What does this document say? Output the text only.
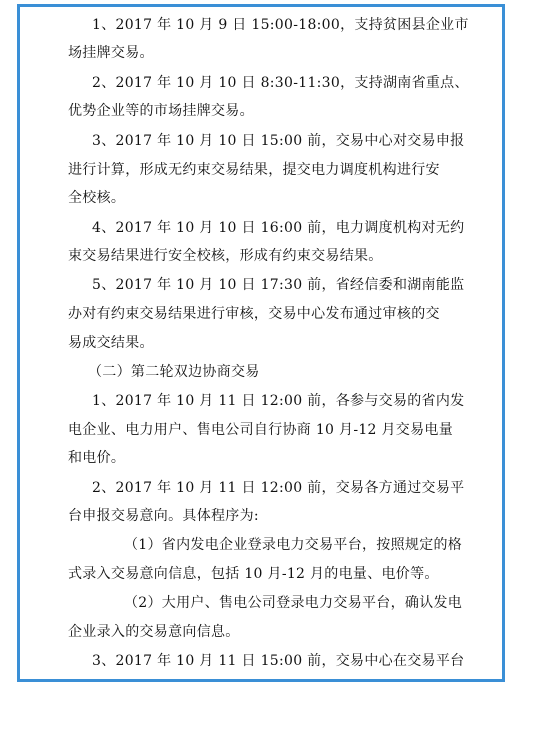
1、2017 年 10 月 9 日 15:00-18:00，支持贫困县企业市
场挂牌交易。
2、2017 年 10 月 10 日 8:30-11:30，支持湖南省重点、
优势企业等的市场挂牌交易。
3、2017 年 10 月 10 日 15:00 前，交易中心对交易申报
进行计算，形成无约束交易结果，提交电力调度机构进行安
全校核。
4、2017 年 10 月 10 日 16:00 前，电力调度机构对无约
束交易结果进行安全校核，形成有约束交易结果。
5、2017 年 10 月 10 日 17:30 前，省经信委和湖南能监
办对有约束交易结果进行审核，交易中心发布通过审核的交
易成交结果。
（二）第二轮双边协商交易
1、2017 年 10 月 11 日 12:00 前，各参与交易的省内发
电企业、电力用户、售电公司自行协商 10 月-12 月交易电量
和电价。
2、2017 年 10 月 11 日 12:00 前，交易各方通过交易平
台申报交易意向。具体程序为:
（1）省内发电企业登录电力交易平台，按照规定的格
式录入交易意向信息，包括 10 月-12 月的电量、电价等。
（2）大用户、售电公司登录电力交易平台，确认发电
企业录入的交易意向信息。
3、2017 年 10 月 11 日 15:00 前，交易中心在交易平台
